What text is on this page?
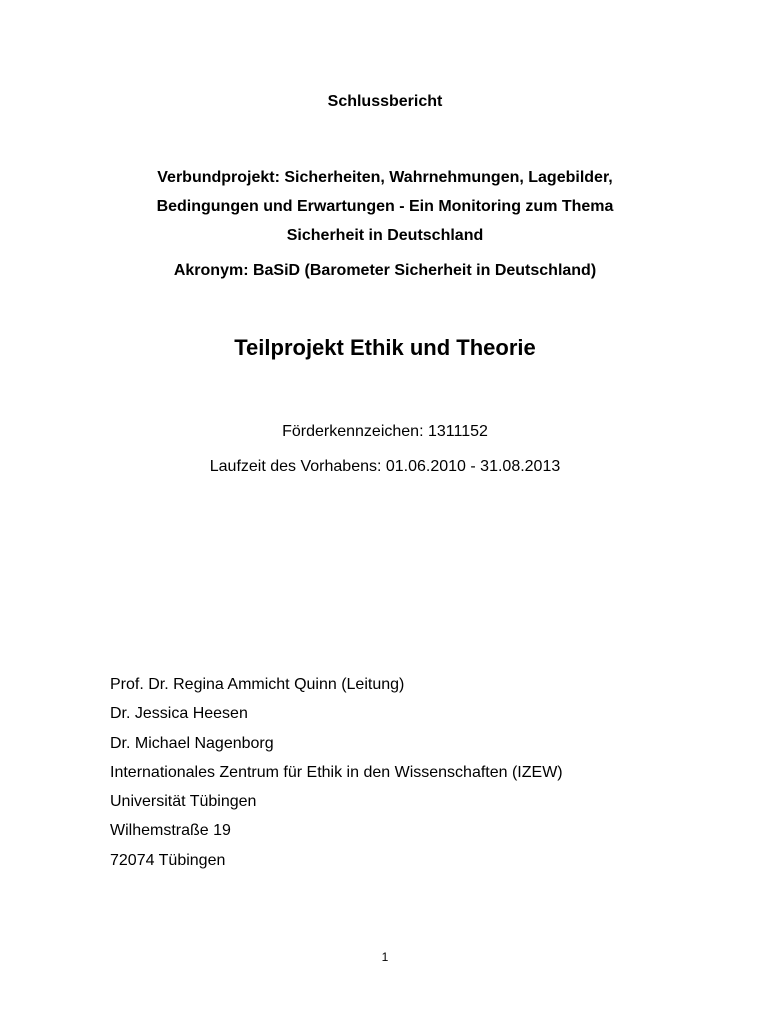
Schlussbericht
Verbundprojekt: Sicherheiten, Wahrnehmungen, Lagebilder,
Bedingungen und Erwartungen - Ein Monitoring zum Thema
Sicherheit in Deutschland
Akronym: BaSiD (Barometer Sicherheit in Deutschland)
Teilprojekt Ethik und Theorie
Förderkennzeichen: 1311152
Laufzeit des Vorhabens: 01.06.2010 - 31.08.2013
Prof. Dr. Regina Ammicht Quinn (Leitung)
Dr. Jessica Heesen
Dr. Michael Nagenborg
Internationales Zentrum für Ethik in den Wissenschaften (IZEW)
Universität Tübingen
Wilhemstraße 19
72074 Tübingen
1
